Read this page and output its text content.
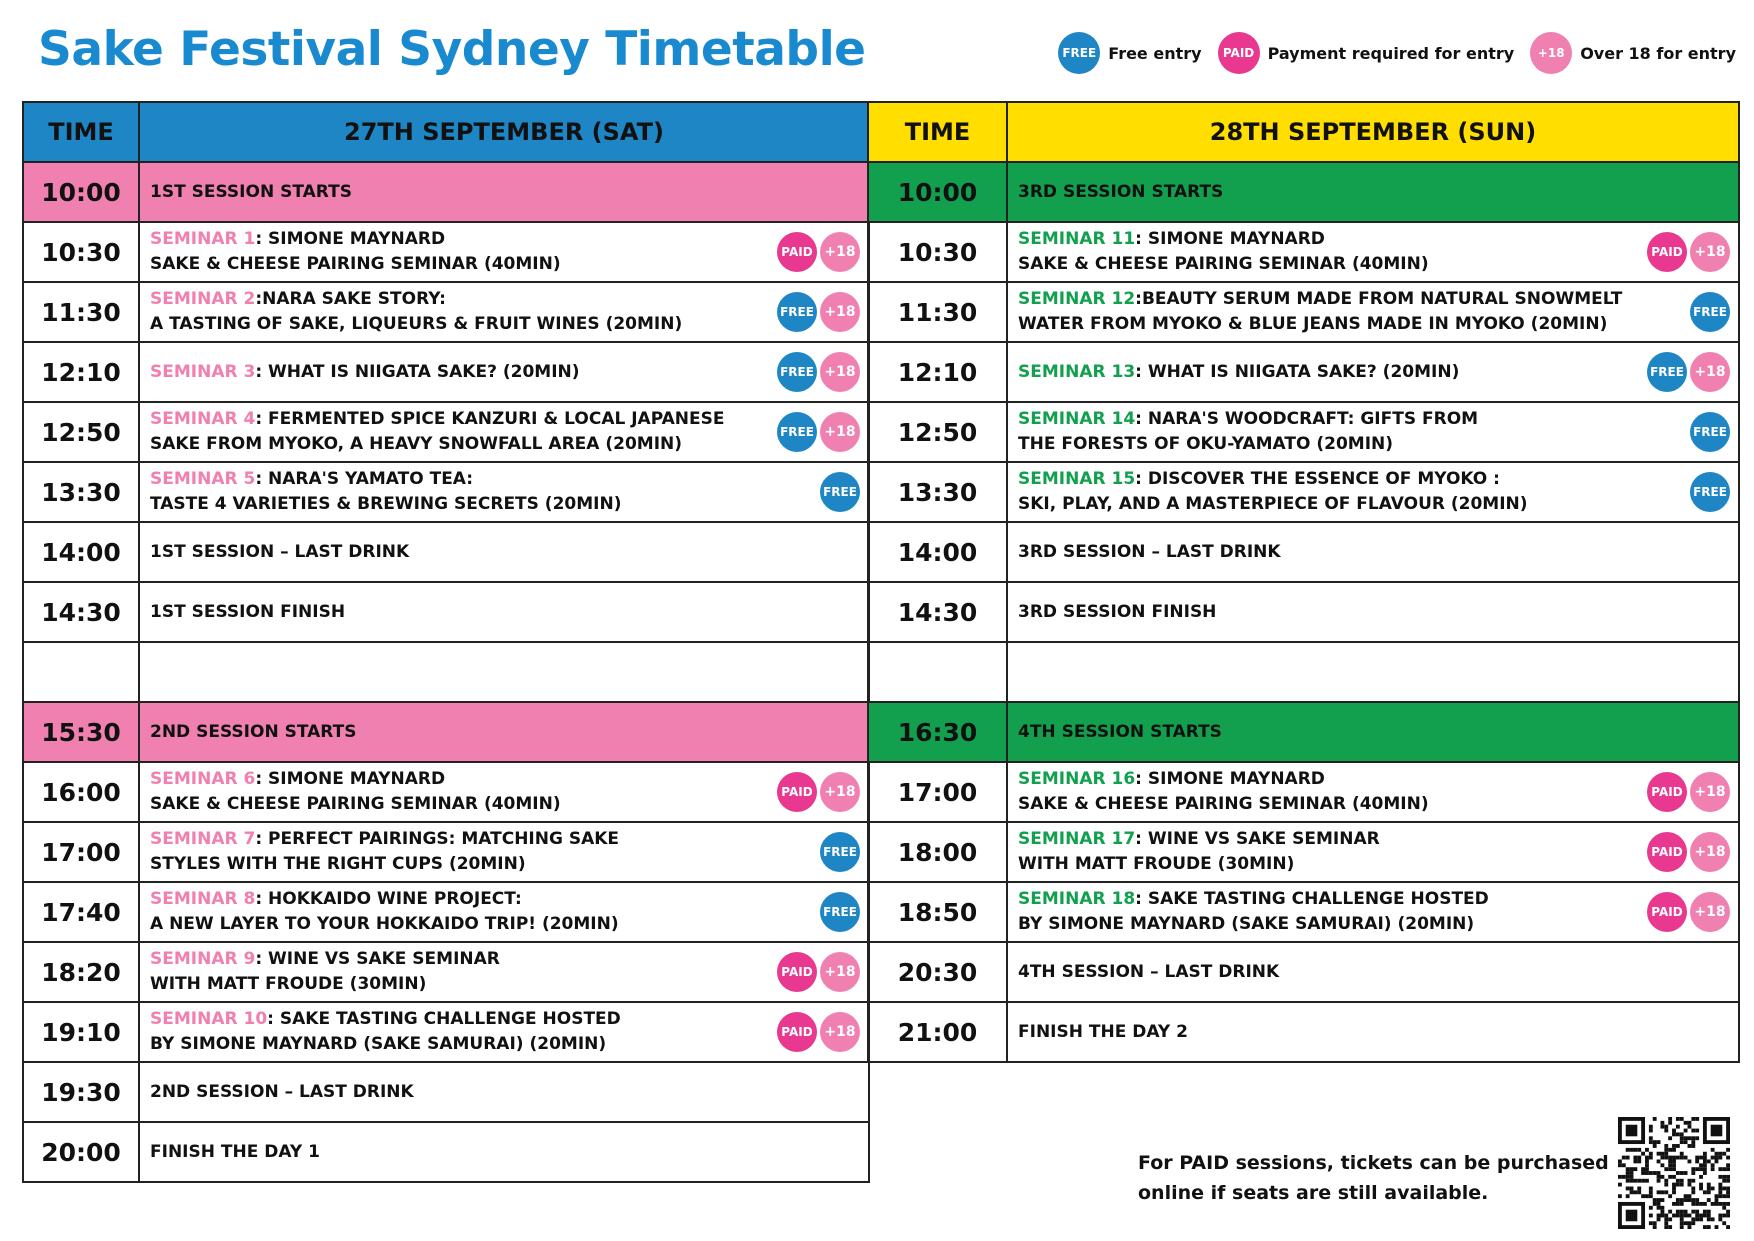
Sake Festival Sydney Timetable	FREE Free entry	PAID Payment required for entry	+18 Over 18 for entry
TIME	27TH SEPTEMBER (SAT)
10:00	1ST SESSION STARTS
10:30	SEMINAR 1: SIMONE MAYNARD
SAKE & CHEESE PAIRING SEMINAR (40MIN)
PAID +18

11:30	SEMINAR 2:NARA SAKE STORY:
A TASTING OF SAKE, LIQUEURS & FRUIT WINES (20MIN)
FREE +18

12:10	SEMINAR 3: WHAT IS NIIGATA SAKE? (20MIN) FREE +18

12:50	SEMINAR 4: FERMENTED SPICE KANZURI & LOCAL JAPANESE
SAKE FROM MYOKO, A HEAVY SNOWFALL AREA (20MIN)
FREE +18

13:30	SEMINAR 5: NARA'S YAMATO TEA:
TASTE 4 VARIETIES & BREWING SECRETS (20MIN)
FREE

14:00	1ST SESSION – LAST DRINK
14:30	1ST SESSION FINISH

15:30	2ND SESSION STARTS
16:00	SEMINAR 6: SIMONE MAYNARD
SAKE & CHEESE PAIRING SEMINAR (40MIN)
PAID +18

17:00	SEMINAR 7: PERFECT PAIRINGS: MATCHING SAKE
STYLES WITH THE RIGHT CUPS (20MIN)
FREE

17:40	SEMINAR 8: HOKKAIDO WINE PROJECT:
A NEW LAYER TO YOUR HOKKAIDO TRIP! (20MIN)
FREE

18:20	SEMINAR 9: WINE VS SAKE SEMINAR
WITH MATT FROUDE (30MIN)
PAID +18

19:10	SEMINAR 10: SAKE TASTING CHALLENGE HOSTED
BY SIMONE MAYNARD (SAKE SAMURAI) (20MIN)
PAID +18

19:30	2ND SESSION – LAST DRINK
20:00	FINISH THE DAY 1
TIME	28TH SEPTEMBER (SUN)
10:00	3RD SESSION STARTS
10:30	SEMINAR 11: SIMONE MAYNARD
SAKE & CHEESE PAIRING SEMINAR (40MIN)
PAID +18

11:30	SEMINAR 12:BEAUTY SERUM MADE FROM NATURAL SNOWMELT
WATER FROM MYOKO & BLUE JEANS MADE IN MYOKO (20MIN)
FREE

12:10	SEMINAR 13: WHAT IS NIIGATA SAKE? (20MIN) FREE +18

12:50	SEMINAR 14: NARA'S WOODCRAFT: GIFTS FROM
THE FORESTS OF OKU-YAMATO (20MIN)
FREE

13:30	SEMINAR 15: DISCOVER THE ESSENCE OF MYOKO :
SKI, PLAY, AND A MASTERPIECE OF FLAVOUR (20MIN)
FREE

14:00	3RD SESSION – LAST DRINK
14:30	3RD SESSION FINISH

16:30	4TH SESSION STARTS
17:00	SEMINAR 16: SIMONE MAYNARD
SAKE & CHEESE PAIRING SEMINAR (40MIN)
PAID +18

18:00	SEMINAR 17: WINE VS SAKE SEMINAR
WITH MATT FROUDE (30MIN)
PAID +18

18:50	SEMINAR 18: SAKE TASTING CHALLENGE HOSTED
BY SIMONE MAYNARD (SAKE SAMURAI) (20MIN)
PAID +18

20:30	4TH SESSION – LAST DRINK
21:00	FINISH THE DAY 2
For PAID sessions, tickets can be purchased
online if seats are still available.
